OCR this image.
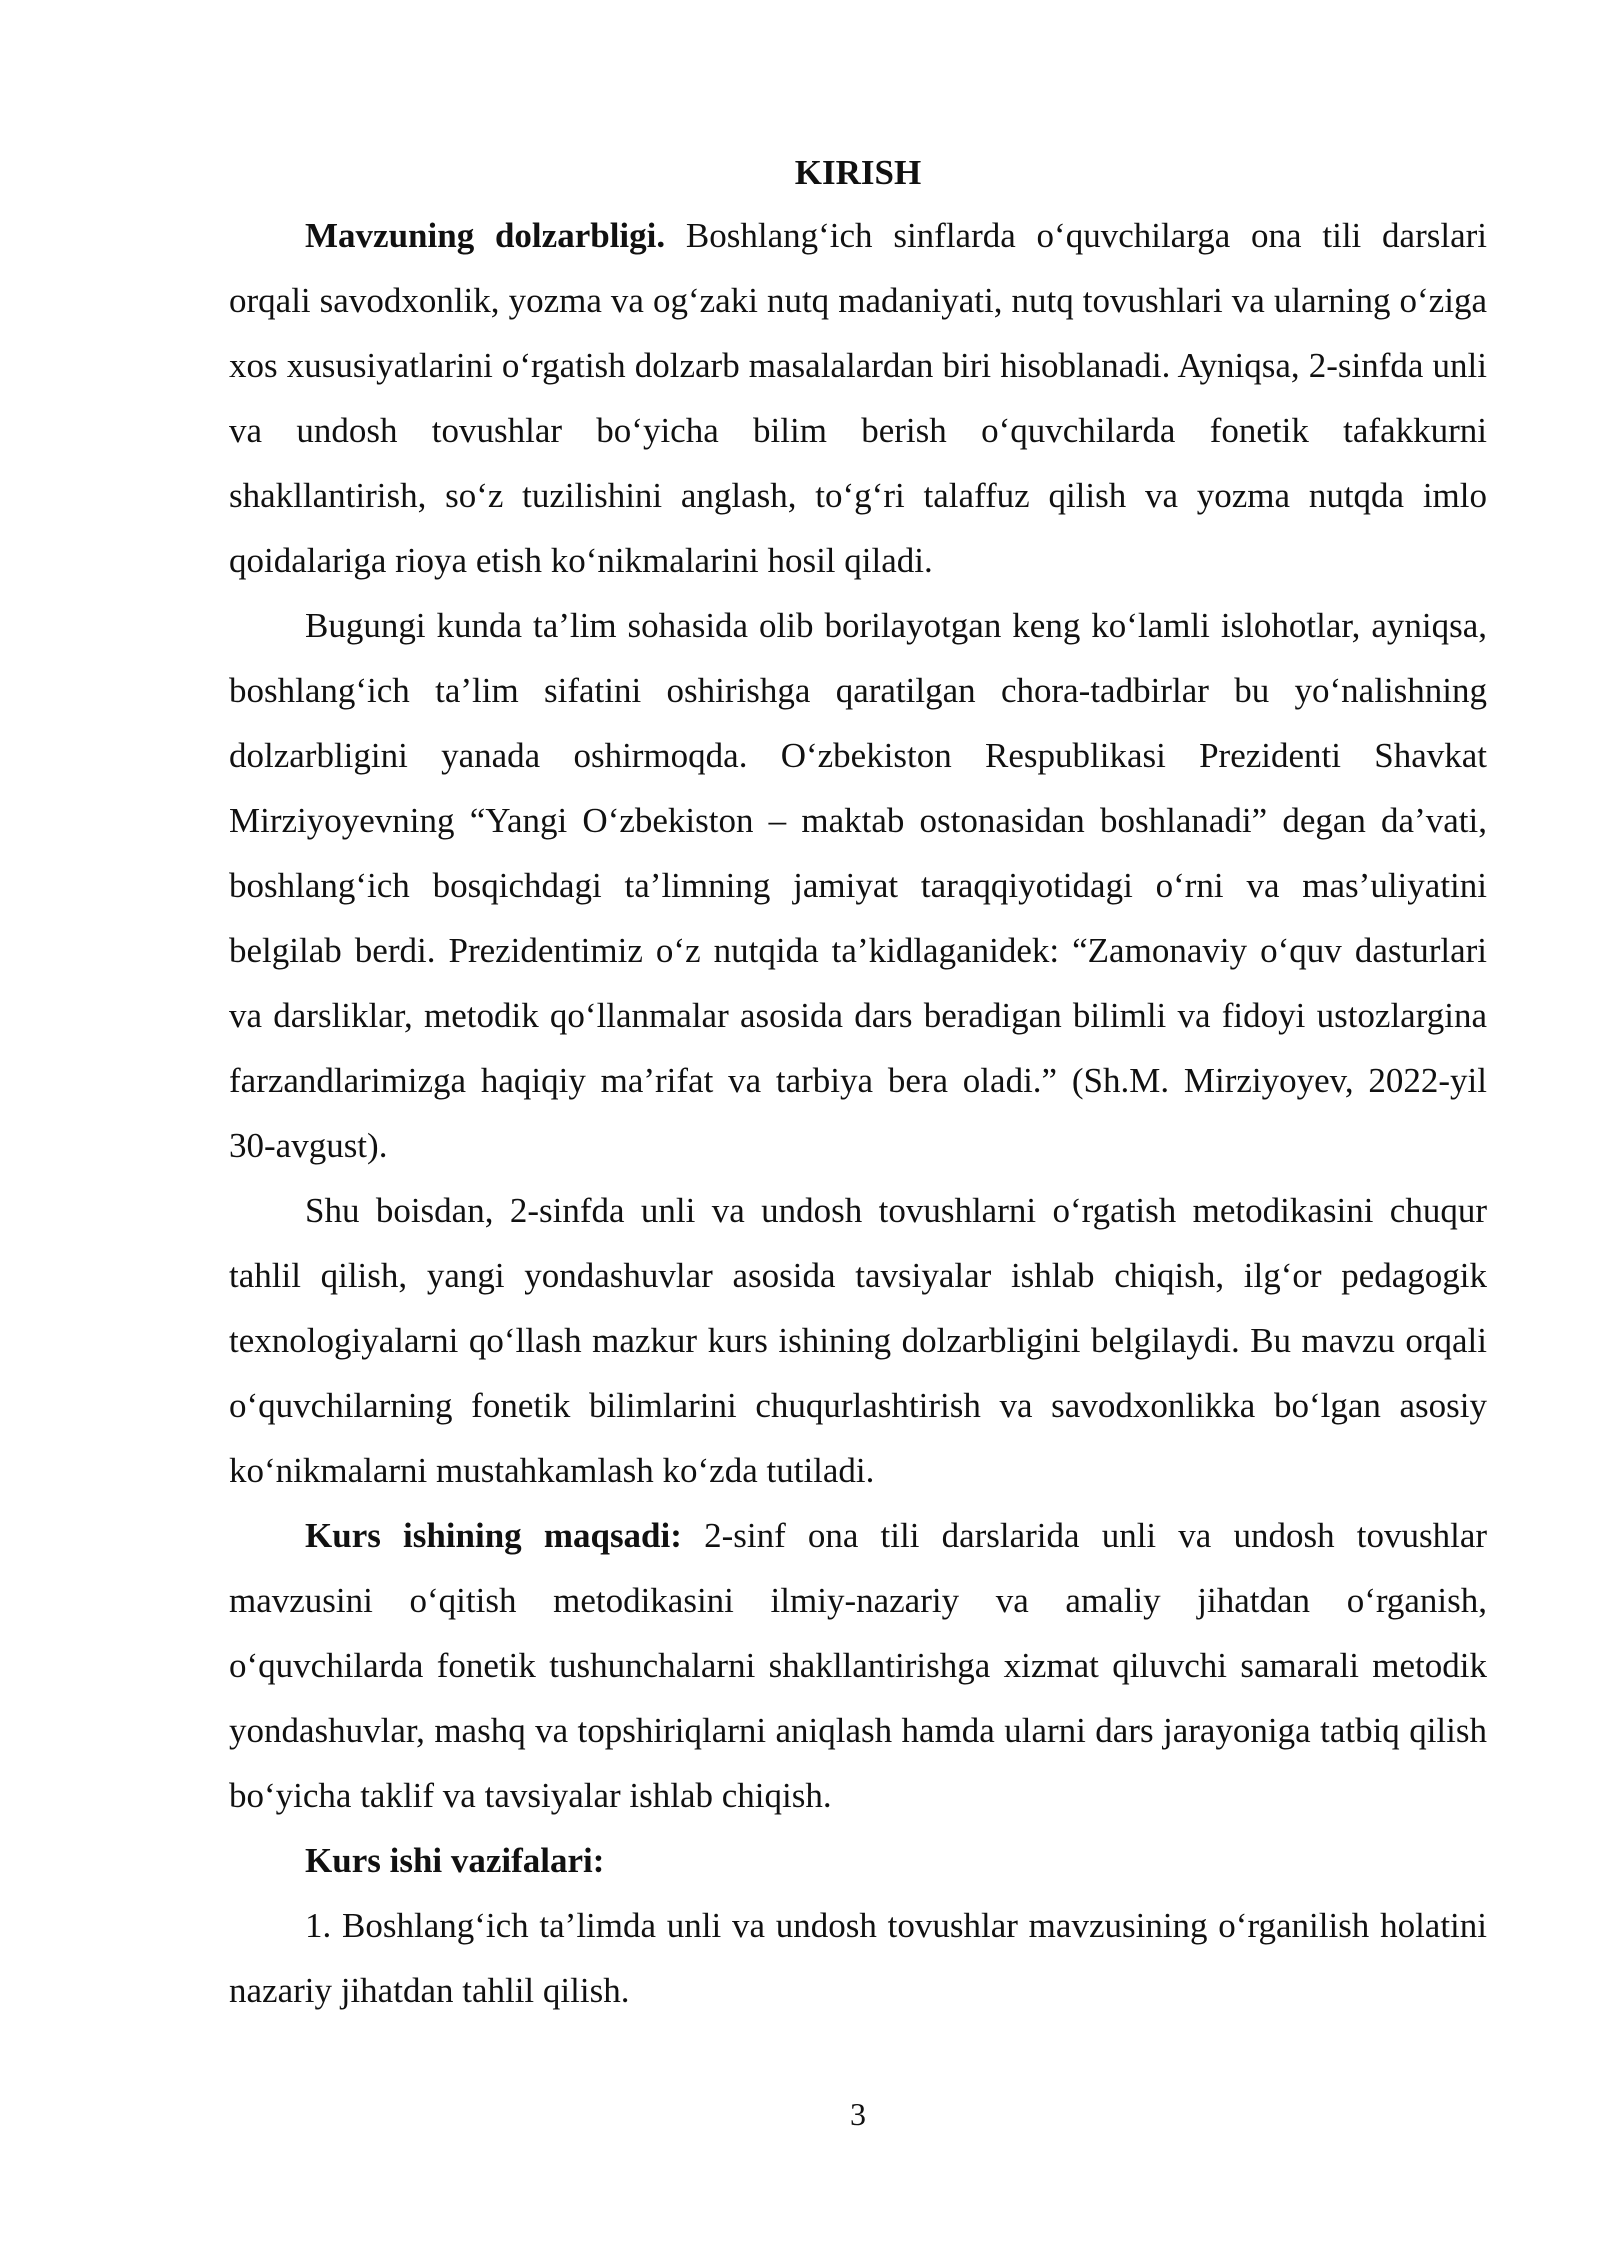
KIRISH

Mavzuning dolzarbligi. Boshlang‘ich sinflarda o‘quvchilarga ona tili darslari orqali savodxonlik, yozma va og‘zaki nutq madaniyati, nutq tovushlari va ularning o‘ziga xos xususiyatlarini o‘rgatish dolzarb masalalardan biri hisoblanadi. Ayniqsa, 2-sinfda unli va undosh tovushlar bo‘yicha bilim berish o‘quvchilarda fonetik tafakkurni shakllantirish, so‘z tuzilishini anglash, to‘g‘ri talaffuz qilish va yozma nutqda imlo qoidalariga rioya etish ko‘nikmalarini hosil qiladi.

Bugungi kunda ta’lim sohasida olib borilayotgan keng ko‘lamli islohotlar, ayniqsa, boshlang‘ich ta’lim sifatini oshirishga qaratilgan chora-tadbirlar bu yo‘nalishning dolzarbligini yanada oshirmoqda. O‘zbekiston Respublikasi Prezidenti Shavkat Mirziyoyevning “Yangi O‘zbekiston – maktab ostonasidan boshlanadi” degan da’vati, boshlang‘ich bosqichdagi ta’limning jamiyat taraqqiyotidagi o‘rni va mas’uliyatini belgilab berdi. Prezidentimiz o‘z nutqida ta’kidlaganidek: “Zamonaviy o‘quv dasturlari va darsliklar, metodik qo‘llanmalar asosida dars beradigan bilimli va fidoyi ustozlargina farzandlarimizga haqiqiy ma’rifat va tarbiya bera oladi.” (Sh.M. Mirziyoyev, 2022-yil 30-avgust).

Shu boisdan, 2-sinfda unli va undosh tovushlarni o‘rgatish metodikasini chuqur tahlil qilish, yangi yondashuvlar asosida tavsiyalar ishlab chiqish, ilg‘or pedagogik texnologiyalarni qo‘llash mazkur kurs ishining dolzarbligini belgilaydi. Bu mavzu orqali o‘quvchilarning fonetik bilimlarini chuqurlashtirish va savodxonlikka bo‘lgan asosiy ko‘nikmalarni mustahkamlash ko‘zda tutiladi.

Kurs ishining maqsadi: 2-sinf ona tili darslarida unli va undosh tovushlar mavzusini o‘qitish metodikasini ilmiy-nazariy va amaliy jihatdan o‘rganish, o‘quvchilarda fonetik tushunchalarni shakllantirishga xizmat qiluvchi samarali metodik yondashuvlar, mashq va topshiriqlarni aniqlash hamda ularni dars jarayoniga tatbiq qilish bo‘yicha taklif va tavsiyalar ishlab chiqish.

Kurs ishi vazifalari:

1. Boshlang‘ich ta’limda unli va undosh tovushlar mavzusining o‘rganilish holatini nazariy jihatdan tahlil qilish.

3
